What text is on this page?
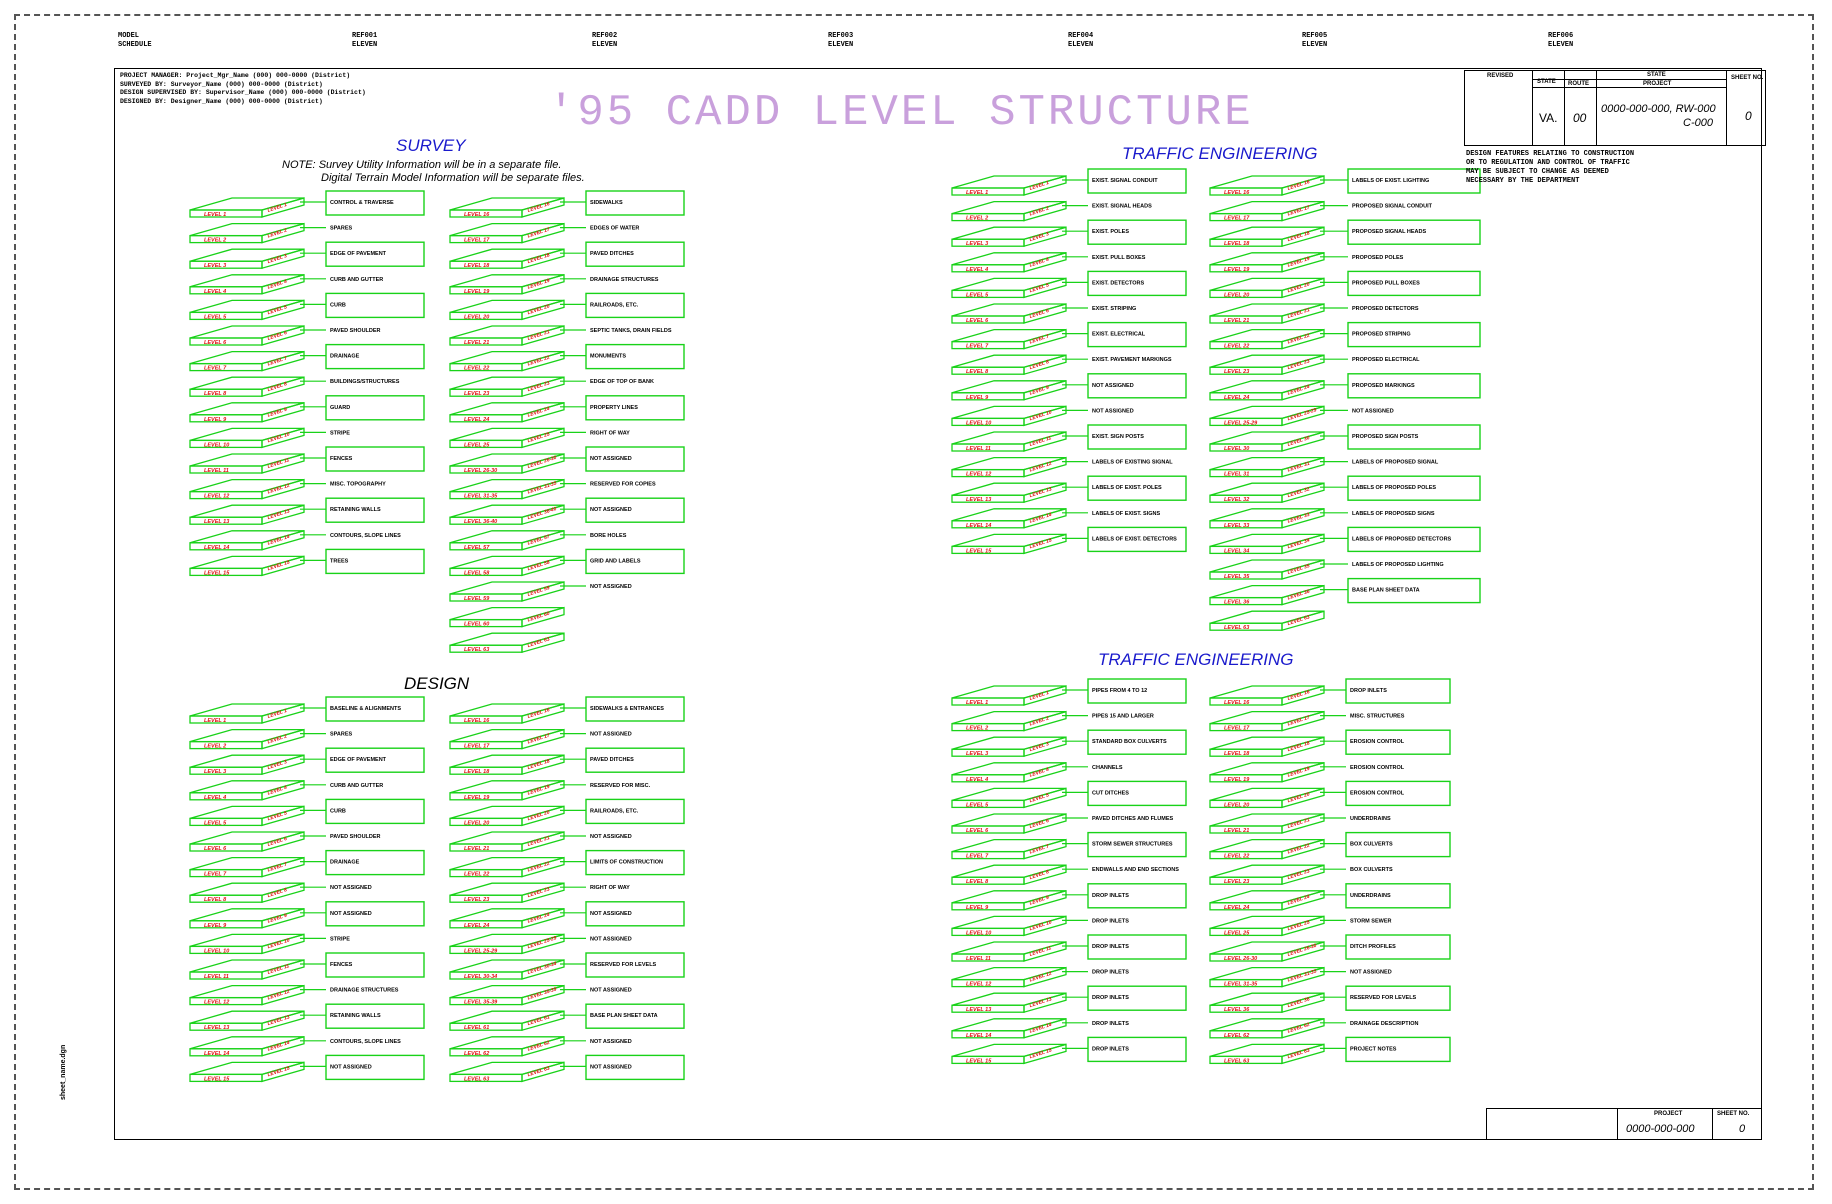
MODEL
SCHEDULE
REF001
ELEVEN
REF002
ELEVEN
REF003
ELEVEN
REF004
ELEVEN
REF005
ELEVEN
REF006
ELEVEN
PROJECT MANAGER: Project_Mgr_Name (000) 000-0000 (District)
SURVEYED BY: Surveyor_Name (000) 000-0000 (District)
DESIGN SUPERVISED BY: Supervisor_Name (000) 000-0000 (District)
DESIGNED BY: Designer_Name (000) 000-0000 (District)	'95 CADD LEVEL STRUCTURE
SURVEY
NOTE: Survey Utility Information will be in a separate file.
Digital Terrain Model Information will be separate files.
DESIGN
TRAFFIC ENGINEERING
TRAFFIC ENGINEERING
LEVEL 1
LEVEL 1
LEVEL 2
LEVEL 2
LEVEL 3
LEVEL 3
LEVEL 4
LEVEL 4
LEVEL 5
LEVEL 5
LEVEL 6
LEVEL 6
LEVEL 7
LEVEL 7
LEVEL 8
LEVEL 8
LEVEL 9
LEVEL 9
LEVEL 10
LEVEL 10
LEVEL 11
LEVEL 11
LEVEL 12
LEVEL 12
LEVEL 13
LEVEL 13
LEVEL 14
LEVEL 14
LEVEL 15
LEVEL 15
CONTROL & TRAVERSE
SPARES
EDGE OF PAVEMENT
CURB AND GUTTER
CURB
PAVED SHOULDER
DRAINAGE
BUILDINGS/STRUCTURES
GUARD
STRIPE
FENCES
MISC. TOPOGRAPHY
RETAINING WALLS
CONTOURS, SLOPE LINES
TREES
LEVEL 16
LEVEL 16
LEVEL 17
LEVEL 17
LEVEL 18
LEVEL 18
LEVEL 19
LEVEL 19
LEVEL 20
LEVEL 20
LEVEL 21
LEVEL 21
LEVEL 22
LEVEL 22
LEVEL 23
LEVEL 23
LEVEL 24
LEVEL 24
LEVEL 25
LEVEL 25
LEVEL 26-30
LEVEL 26-30
LEVEL 31-35
LEVEL 31-35
LEVEL 36-40
LEVEL 36-40
LEVEL 57
LEVEL 57
LEVEL 58
LEVEL 58
LEVEL 59
LEVEL 59
LEVEL 60
LEVEL 60
LEVEL 63
LEVEL 63
SIDEWALKS
EDGES OF WATER
PAVED DITCHES
DRAINAGE STRUCTURES
RAILROADS, ETC.
SEPTIC TANKS, DRAIN FIELDS
MONUMENTS
EDGE OF TOP OF BANK
PROPERTY LINES
RIGHT OF WAY
NOT ASSIGNED
RESERVED FOR COPIES
NOT ASSIGNED
BORE HOLES
GRID AND LABELS
NOT ASSIGNED
LEVEL 1
LEVEL 1
LEVEL 2
LEVEL 2
LEVEL 3
LEVEL 3
LEVEL 4
LEVEL 4
LEVEL 5
LEVEL 5
LEVEL 6
LEVEL 6
LEVEL 7
LEVEL 7
LEVEL 8
LEVEL 8
LEVEL 9
LEVEL 9
LEVEL 10
LEVEL 10
LEVEL 11
LEVEL 11
LEVEL 12
LEVEL 12
LEVEL 13
LEVEL 13
LEVEL 14
LEVEL 14
LEVEL 15
LEVEL 15
BASELINE & ALIGNMENTS
SPARES
EDGE OF PAVEMENT
CURB AND GUTTER
CURB
PAVED SHOULDER
DRAINAGE
NOT ASSIGNED
NOT ASSIGNED
STRIPE
FENCES
DRAINAGE STRUCTURES
RETAINING WALLS
CONTOURS, SLOPE LINES
NOT ASSIGNED
LEVEL 16
LEVEL 16
LEVEL 17
LEVEL 17
LEVEL 18
LEVEL 18
LEVEL 19
LEVEL 19
LEVEL 20
LEVEL 20
LEVEL 21
LEVEL 21
LEVEL 22
LEVEL 22
LEVEL 23
LEVEL 23
LEVEL 24
LEVEL 24
LEVEL 25-29
LEVEL 25-29
LEVEL 30-34
LEVEL 30-34
LEVEL 35-39
LEVEL 35-39
LEVEL 61
LEVEL 61
LEVEL 62
LEVEL 62
LEVEL 63
LEVEL 63
SIDEWALKS & ENTRANCES
NOT ASSIGNED
PAVED DITCHES
RESERVED FOR MISC.
RAILROADS, ETC.
NOT ASSIGNED
LIMITS OF CONSTRUCTION
RIGHT OF WAY
NOT ASSIGNED
NOT ASSIGNED
RESERVED FOR LEVELS
NOT ASSIGNED
BASE PLAN SHEET DATA
NOT ASSIGNED
NOT ASSIGNED
LEVEL 1
LEVEL 1
LEVEL 2
LEVEL 2
LEVEL 3
LEVEL 3
LEVEL 4
LEVEL 4
LEVEL 5
LEVEL 5
LEVEL 6
LEVEL 6
LEVEL 7
LEVEL 7
LEVEL 8
LEVEL 8
LEVEL 9
LEVEL 9
LEVEL 10
LEVEL 10
LEVEL 11
LEVEL 11
LEVEL 12
LEVEL 12
LEVEL 13
LEVEL 13
LEVEL 14
LEVEL 14
LEVEL 15
LEVEL 15
EXIST. SIGNAL CONDUIT
EXIST. SIGNAL HEADS
EXIST. POLES
EXIST. PULL BOXES
EXIST. DETECTORS
EXIST. STRIPING
EXIST. ELECTRICAL
EXIST. PAVEMENT MARKINGS
NOT ASSIGNED
NOT ASSIGNED
EXIST. SIGN POSTS
LABELS OF EXISTING SIGNAL
LABELS OF EXIST. POLES
LABELS OF EXIST. SIGNS
LABELS OF EXIST. DETECTORS
LEVEL 16
LEVEL 16
LEVEL 17
LEVEL 17
LEVEL 18
LEVEL 18
LEVEL 19
LEVEL 19
LEVEL 20
LEVEL 20
LEVEL 21
LEVEL 21
LEVEL 22
LEVEL 22
LEVEL 23
LEVEL 23
LEVEL 24
LEVEL 24
LEVEL 25-29
LEVEL 25-29
LEVEL 30
LEVEL 30
LEVEL 31
LEVEL 31
LEVEL 32
LEVEL 32
LEVEL 33
LEVEL 33
LEVEL 34
LEVEL 34
LEVEL 35
LEVEL 35
LEVEL 36
LEVEL 36
LEVEL 63
LEVEL 63
LABELS OF EXIST. LIGHTING
PROPOSED SIGNAL CONDUIT
PROPOSED SIGNAL HEADS
PROPOSED POLES
PROPOSED PULL BOXES
PROPOSED DETECTORS
PROPOSED STRIPING
PROPOSED ELECTRICAL
PROPOSED MARKINGS
NOT ASSIGNED
PROPOSED SIGN POSTS
LABELS OF PROPOSED SIGNAL
LABELS OF PROPOSED POLES
LABELS OF PROPOSED SIGNS
LABELS OF PROPOSED DETECTORS
LABELS OF PROPOSED LIGHTING
BASE PLAN SHEET DATA
LEVEL 1
LEVEL 1
LEVEL 2
LEVEL 2
LEVEL 3
LEVEL 3
LEVEL 4
LEVEL 4
LEVEL 5
LEVEL 5
LEVEL 6
LEVEL 6
LEVEL 7
LEVEL 7
LEVEL 8
LEVEL 8
LEVEL 9
LEVEL 9
LEVEL 10
LEVEL 10
LEVEL 11
LEVEL 11
LEVEL 12
LEVEL 12
LEVEL 13
LEVEL 13
LEVEL 14
LEVEL 14
LEVEL 15
LEVEL 15
PIPES FROM 4 TO 12
PIPES 15 AND LARGER
STANDARD BOX CULVERTS
CHANNELS
CUT DITCHES
PAVED DITCHES AND FLUMES
STORM SEWER STRUCTURES
ENDWALLS AND END SECTIONS
DROP INLETS
DROP INLETS
DROP INLETS
DROP INLETS
DROP INLETS
DROP INLETS
DROP INLETS
LEVEL 16
LEVEL 16
LEVEL 17
LEVEL 17
LEVEL 18
LEVEL 18
LEVEL 19
LEVEL 19
LEVEL 20
LEVEL 20
LEVEL 21
LEVEL 21
LEVEL 22
LEVEL 22
LEVEL 23
LEVEL 23
LEVEL 24
LEVEL 24
LEVEL 25
LEVEL 25
LEVEL 26-30
LEVEL 26-30
LEVEL 31-35
LEVEL 31-35
LEVEL 36
LEVEL 36
LEVEL 62
LEVEL 62
LEVEL 63
LEVEL 63
DROP INLETS
MISC. STRUCTURES
EROSION CONTROL
EROSION CONTROL
EROSION CONTROL
UNDERDRAINS
BOX CULVERTS
BOX CULVERTS
UNDERDRAINS
STORM SEWER
DITCH PROFILES
NOT ASSIGNED
RESERVED FOR LEVELS
DRAINAGE DESCRIPTION
PROJECT NOTES
REVISED
STATE
VA.
ROUTE
00
STATE
PROJECT
0000-000-000, RW-000
C-000
SHEET NO.
0
DESIGN FEATURES RELATING TO CONSTRUCTION
OR TO REGULATION AND CONTROL OF TRAFFIC
MAY BE SUBJECT TO CHANGE AS DEEMED
NECESSARY BY THE DEPARTMENT
PROJECT
0000-000-000
SHEET NO.
0
sheet_name.dgn
